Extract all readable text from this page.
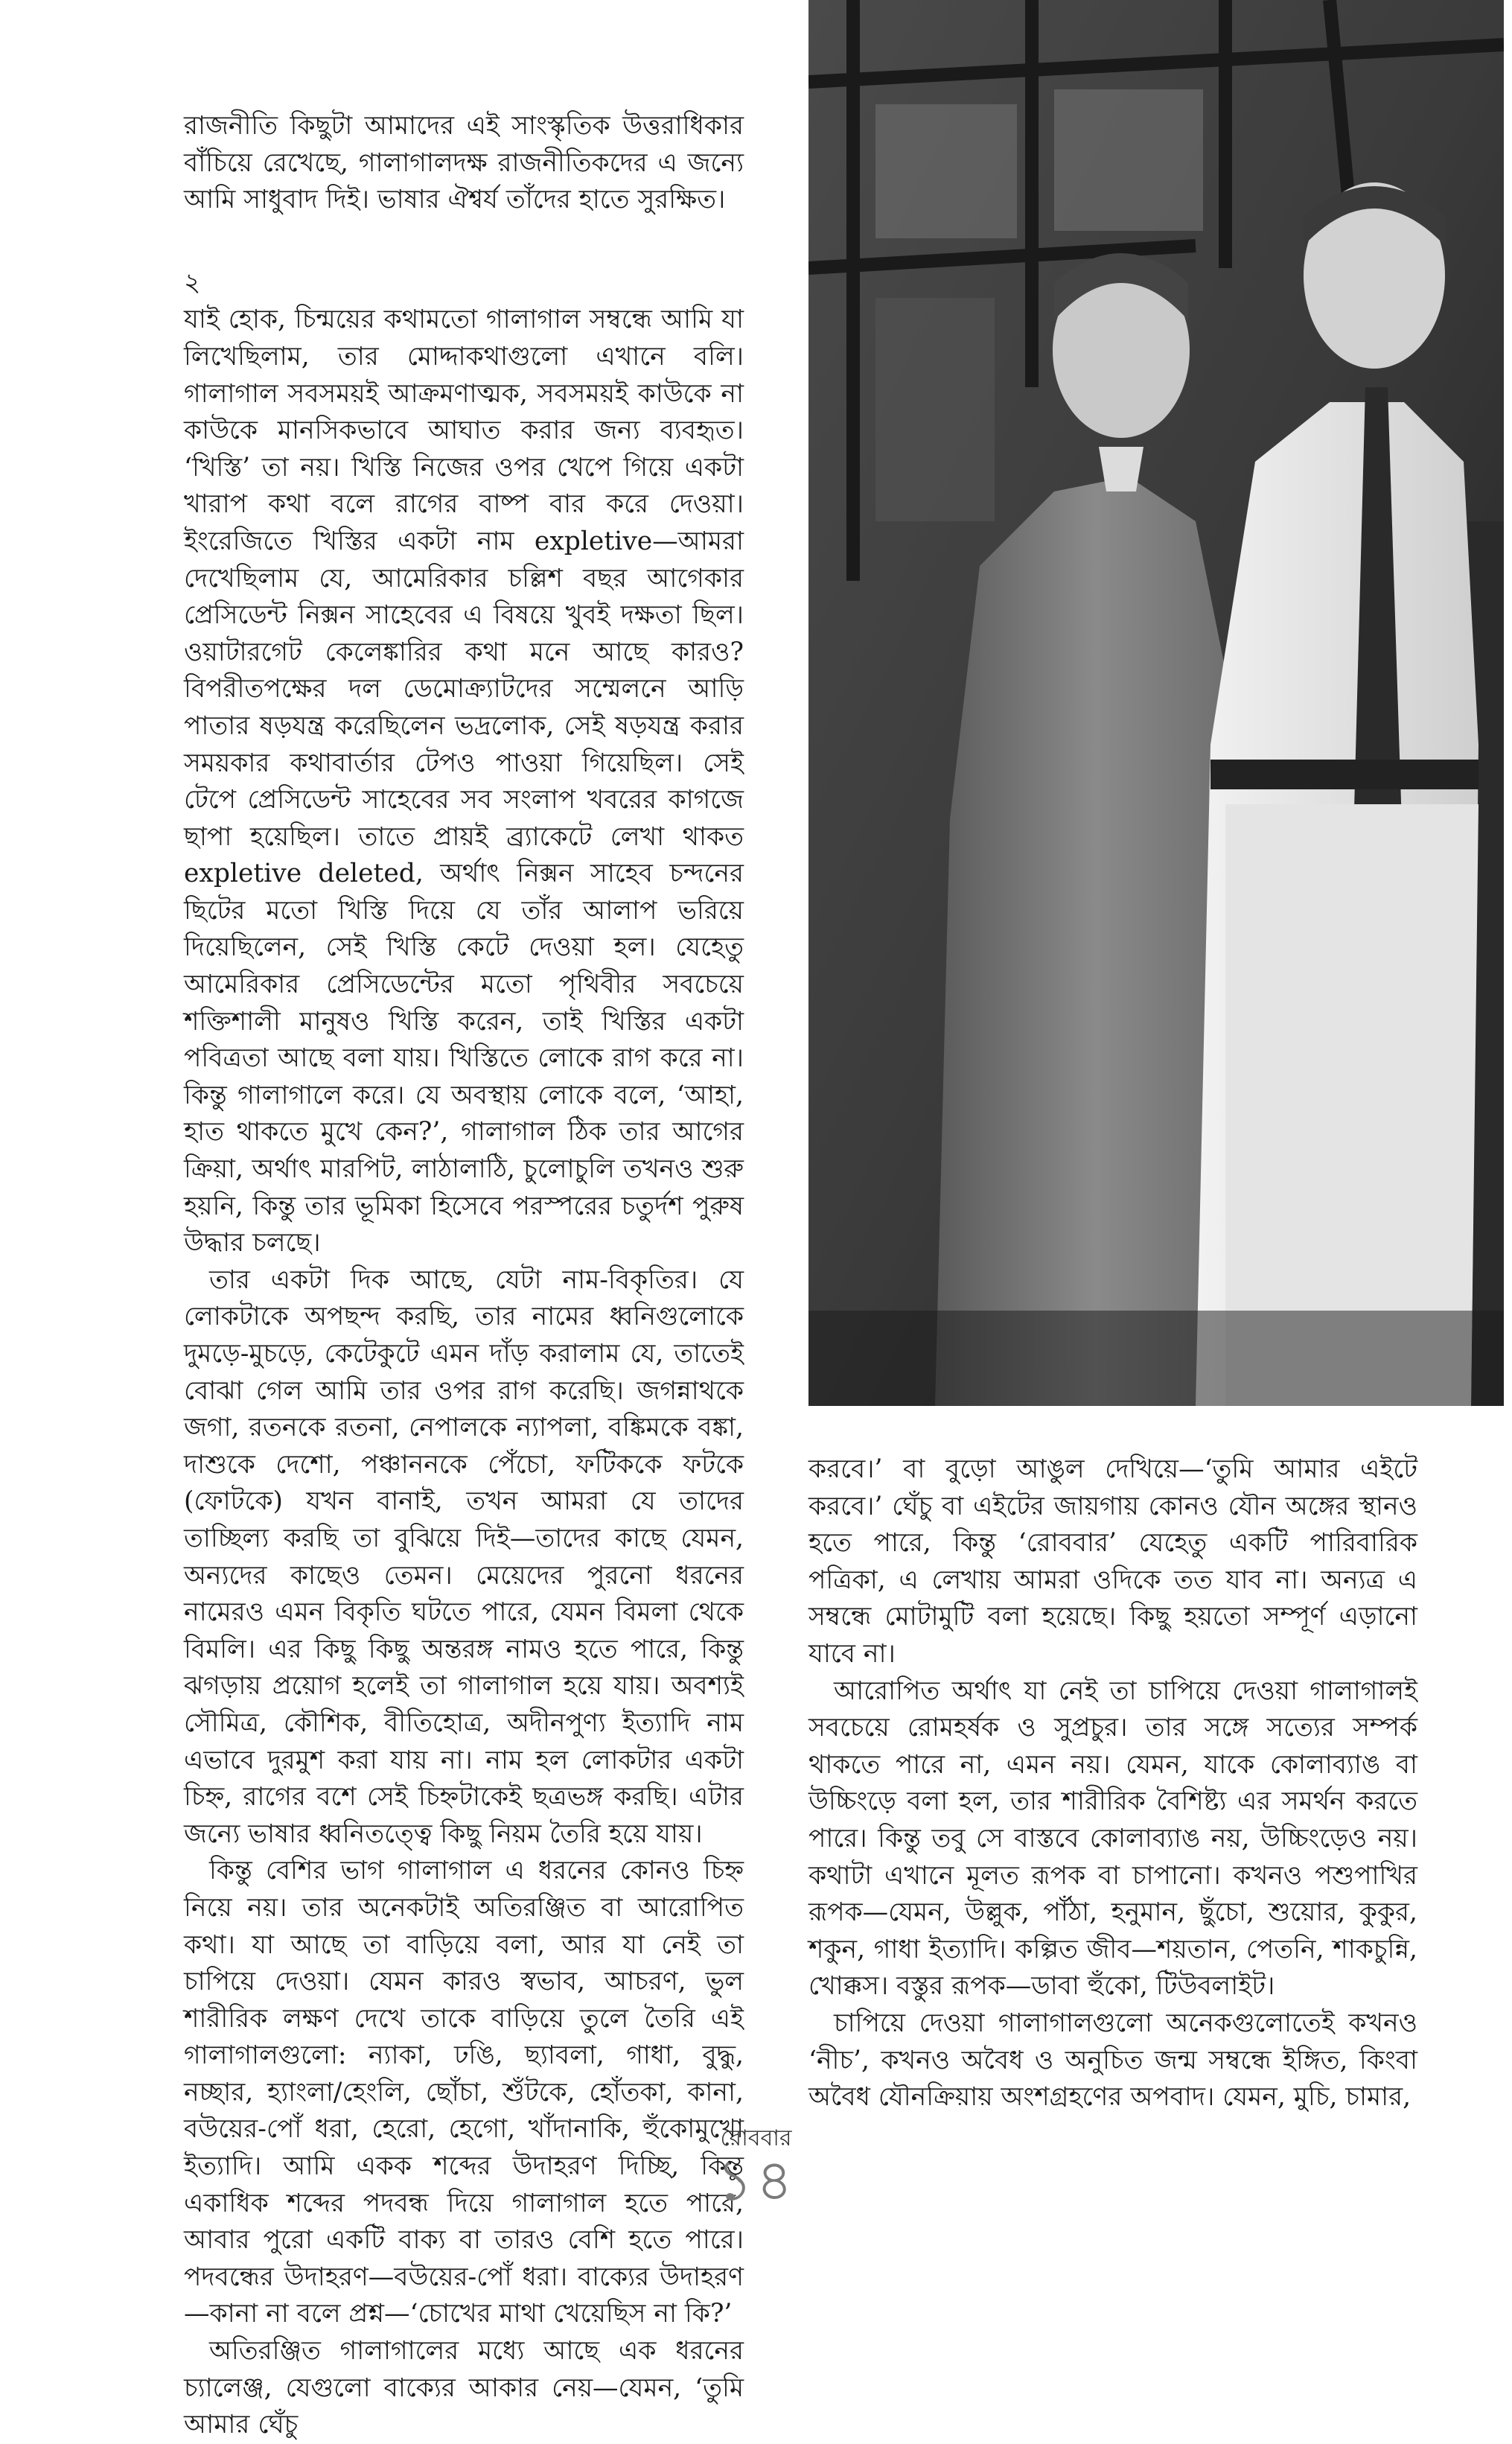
রাজনীতি কিছুটা আমাদের এই সাংস্কৃতিক উত্তরাধিকার বাঁচিয়ে রেখেছে, গালাগালদক্ষ রাজনীতিকদের এ জন্যে আমি সাধুবাদ দিই। ভাষার ঐশ্বর্য তাঁদের হাতে সুরক্ষিত।

২

যাই হোক, চিন্ময়ের কথামতো গালাগাল সম্বন্ধে আমি যা লিখেছিলাম, তার মোদ্দাকথাগুলো এখানে বলি। গালাগাল সবসময়ই আক্রমণাত্মক, সবসময়ই কাউকে না কাউকে মানসিকভাবে আঘাত করার জন্য ব্যবহৃত। ‘খিস্তি’ তা নয়। খিস্তি নিজের ওপর খেপে গিয়ে একটা খারাপ কথা বলে রাগের বাষ্প বার করে দেওয়া। ইংরেজিতে খিস্তির একটা নাম expletive—আমরা দেখেছিলাম যে, আমেরিকার চল্লিশ বছর আগেকার প্রেসিডেন্ট নিক্সন সাহেবের এ বিষয়ে খুবই দক্ষতা ছিল। ওয়াটারগেট কেলেঙ্কারির কথা মনে আছে কারও? বিপরীতপক্ষের দল ডেমোক্র্যাটদের সম্মেলনে আড়ি পাতার ষড়যন্ত্র করেছিলেন ভদ্রলোক, সেই ষড়যন্ত্র করার সময়কার কথাবার্তার টেপও পাওয়া গিয়েছিল। সেই টেপে প্রেসিডেন্ট সাহেবের সব সংলাপ খবরের কাগজে ছাপা হয়েছিল। তাতে প্রায়ই ব্র্যাকেটে লেখা থাকত expletive deleted, অর্থাৎ নিক্সন সাহেব চন্দনের ছিটের মতো খিস্তি দিয়ে যে তাঁর আলাপ ভরিয়ে দিয়েছিলেন, সেই খিস্তি কেটে দেওয়া হল। যেহেতু আমেরিকার প্রেসিডেন্টের মতো পৃথিবীর সবচেয়ে শক্তিশালী মানুষও খিস্তি করেন, তাই খিস্তির একটা পবিত্রতা আছে বলা যায়। খিস্তিতে লোকে রাগ করে না। কিন্তু গালাগালে করে। যে অবস্থায় লোকে বলে, ‘আহা, হাত থাকতে মুখে কেন?’, গালাগাল ঠিক তার আগের ক্রিয়া, অর্থাৎ মারপিট, লাঠালাঠি, চুলোচুলি তখনও শুরু হয়নি, কিন্তু তার ভূমিকা হিসেবে পরস্পরের চতুর্দশ পুরুষ উদ্ধার চলছে।

তার একটা দিক আছে, যেটা নাম-বিকৃতির। যে লোকটাকে অপছন্দ করছি, তার নামের ধ্বনিগুলোকে দুমড়ে-মুচড়ে, কেটেকুটে এমন দাঁড় করালাম যে, তাতেই বোঝা গেল আমি তার ওপর রাগ করেছি। জগন্নাথকে জগা, রতনকে রতনা, নেপালকে ন্যাপলা, বঙ্কিমকে বঙ্কা, দাশুকে দেশো, পঞ্চাননকে পেঁচো, ফটিককে ফটকে (ফোটকে) যখন বানাই, তখন আমরা যে তাদের তাচ্ছিল্য করছি তা বুঝিয়ে দিই—তাদের কাছে যেমন, অন্যদের কাছেও তেমন। মেয়েদের পুরনো ধরনের নামেরও এমন বিকৃতি ঘটতে পারে, যেমন বিমলা থেকে বিমলি। এর কিছু কিছু অন্তরঙ্গ নামও হতে পারে, কিন্তু ঝগড়ায় প্রয়োগ হলেই তা গালাগাল হয়ে যায়। অবশ্যই সৌমিত্র, কৌশিক, বীতিহোত্র, অদীনপুণ্য ইত্যাদি নাম এভাবে দুরমুশ করা যায় না। নাম হল লোকটার একটা চিহ্ন, রাগের বশে সেই চিহ্নটাকেই ছত্রভঙ্গ করছি। এটার জন্যে ভাষার ধ্বনিতত্ত্বে কিছু নিয়ম তৈরি হয়ে যায়।

কিন্তু বেশির ভাগ গালাগাল এ ধরনের কোনও চিহ্ন নিয়ে নয়। তার অনেকটাই অতিরঞ্জিত বা আরোপিত কথা। যা আছে তা বাড়িয়ে বলা, আর যা নেই তা চাপিয়ে দেওয়া। যেমন কারও স্বভাব, আচরণ, ভুল শারীরিক লক্ষণ দেখে তাকে বাড়িয়ে তুলে তৈরি এই গালাগালগুলো: ন্যাকা, ঢঙি, ছ্যাবলা, গাধা, বুদ্ধু, নচ্ছার, হ্যাংলা/হেংলি, ছোঁচা, শুঁটকে, হোঁতকা, কানা, বউয়ের-পোঁ ধরা, হেরো, হেগো, খাঁদানাকি, হুঁকোমুখো ইত্যাদি। আমি একক শব্দের উদাহরণ দিচ্ছি, কিন্তু একাধিক শব্দের পদবন্ধ দিয়ে গালাগাল হতে পারে, আবার পুরো একটি বাক্য বা তারও বেশি হতে পারে। পদবন্ধের উদাহরণ—বউয়ের-পোঁ ধরা। বাক্যের উদাহরণ—কানা না বলে প্রশ্ন—‘চোখের মাথা খেয়েছিস না কি?’

অতিরঞ্জিত গালাগালের মধ্যে আছে এক ধরনের চ্যালেঞ্জ, যেগুলো বাক্যের আকার নেয়—যেমন, ‘তুমি আমার ঘেঁচু

করবে।’ বা বুড়ো আঙুল দেখিয়ে—‘তুমি আমার এইটে করবে।’ ঘেঁচু বা এইটের জায়গায় কোনও যৌন অঙ্গের স্থানও হতে পারে, কিন্তু ‘রোববার’ যেহেতু একটি পারিবারিক পত্রিকা, এ লেখায় আমরা ওদিকে তত যাব না। অন্যত্র এ সম্বন্ধে মোটামুটি বলা হয়েছে। কিছু হয়তো সম্পূর্ণ এড়ানো যাবে না।

আরোপিত অর্থাৎ যা নেই তা চাপিয়ে দেওয়া গালাগালই সবচেয়ে রোমহর্ষক ও সুপ্রচুর। তার সঙ্গে সত্যের সম্পর্ক থাকতে পারে না, এমন নয়। যেমন, যাকে কোলাব্যাঙ বা উচ্চিংড়ে বলা হল, তার শারীরিক বৈশিষ্ট্য এর সমর্থন করতে পারে। কিন্তু তবু সে বাস্তবে কোলাব্যাঙ নয়, উচ্চিংড়েও নয়। কথাটা এখানে মূলত রূপক বা চাপানো। কখনও পশুপাখির রূপক—যেমন, উল্লুক, পাঁঠা, হনুমান, ছুঁচো, শুয়োর, কুকুর, শকুন, গাধা ইত্যাদি। কল্পিত জীব—শয়তান, পেতনি, শাকচুন্নি, খোক্কস। বস্তুর রূপক—ডাবা হুঁকো, টিউবলাইট।

চাপিয়ে দেওয়া গালাগালগুলো অনেকগুলোতেই কখনও ‘নীচ’, কখনও অবৈধ ও অনুচিত জন্ম সম্বন্ধে ইঙ্গিত, কিংবা অবৈধ যৌনক্রিয়ায় অংশগ্রহণের অপবাদ। যেমন, মুচি, চামার,

রোববার
১৪
